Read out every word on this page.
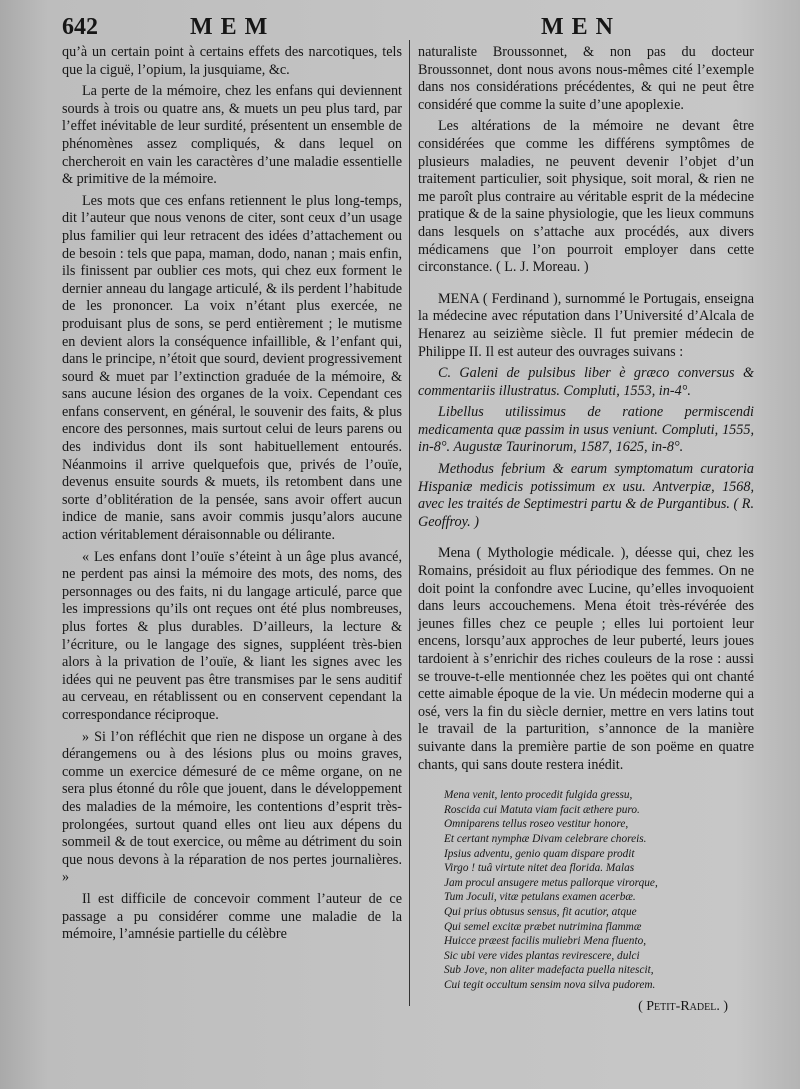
642	MEM	MEN

qu’à un certain point à certains effets des narcotiques, tels que la ciguë, l’opium, la jusquiame, &c.

La perte de la mémoire, chez les enfans qui deviennent sourds à trois ou quatre ans, & muets un peu plus tard, par l’effet inévitable de leur surdité, présentent un ensemble de phénomènes assez compliqués, & dans lequel on chercheroit en vain les caractères d’une maladie essentielle & primitive de la mémoire.

Les mots que ces enfans retiennent le plus long-temps, dit l’auteur que nous venons de citer, sont ceux d’un usage plus familier qui leur retracent des idées d’attachement ou de besoin : tels que papa, maman, dodo, nanan ; mais enfin, ils finissent par oublier ces mots, qui chez eux forment le dernier anneau du langage articulé, & ils perdent l’habitude de les prononcer. La voix n’étant plus exercée, ne produisant plus de sons, se perd entièrement ; le mutisme en devient alors la conséquence infaillible, & l’enfant qui, dans le principe, n’étoit que sourd, devient progressivement sourd & muet par l’extinction graduée de la mémoire, & sans aucune lésion des organes de la voix. Cependant ces enfans conservent, en général, le souvenir des faits, & plus encore des personnes, mais surtout celui de leurs parens ou des individus dont ils sont habituellement entourés. Néanmoins il arrive quelquefois que, privés de l’ouïe, devenus ensuite sourds & muets, ils retombent dans une sorte d’oblitération de la pensée, sans avoir offert aucun indice de manie, sans avoir commis jusqu’alors aucune action véritablement déraisonnable ou délirante.

« Les enfans dont l’ouïe s’éteint à un âge plus avancé, ne perdent pas ainsi la mémoire des mots, des noms, des personnages ou des faits, ni du langage articulé, parce que les impressions qu’ils ont reçues ont été plus nombreuses, plus fortes & plus durables. D’ailleurs, la lecture & l’écriture, ou le langage des signes, suppléent très-bien alors à la privation de l’ouïe, & liant les signes avec les idées qui ne peuvent pas être transmises par le sens auditif au cerveau, en rétablissent ou en conservent cependant la correspondance réciproque.

» Si l’on réfléchit que rien ne dispose un organe à des dérangemens ou à des lésions plus ou moins graves, comme un exercice démesuré de ce même organe, on ne sera plus étonné du rôle que jouent, dans le développement des maladies de la mémoire, les contentions d’esprit très-prolongées, surtout quand elles ont lieu aux dépens du sommeil & de tout exercice, ou même au détriment du soin que nous devons à la réparation de nos pertes journalières. »

Il est difficile de concevoir comment l’auteur de ce passage a pu considérer comme une maladie de la mémoire, l’amnésie partielle du célèbre

naturaliste Broussonnet, & non pas du docteur Broussonnet, dont nous avons nous-mêmes cité l’exemple dans nos considérations précédentes, & qui ne peut être considéré que comme la suite d’une apoplexie.

Les altérations de la mémoire ne devant être considérées que comme les différens symptômes de plusieurs maladies, ne peuvent devenir l’objet d’un traitement particulier, soit physique, soit moral, & rien ne me paroît plus contraire au véritable esprit de la médecine pratique & de la saine physiologie, que les lieux communs dans lesquels on s’attache aux procédés, aux divers médicamens que l’on pourroit employer dans cette circonstance. ( L. J. Moreau. )

MENA ( Ferdinand ), surnommé le Portugais, enseigna la médecine avec réputation dans l’Université d’Alcala de Henarez au seizième siècle. Il fut premier médecin de Philippe II. Il est auteur des ouvrages suivans :

C. Galeni de pulsibus liber è græco conversus & commentariis illustratus. Compluti, 1553, in-4°.

Libellus utilissimus de ratione permiscendi medicamenta quæ passim in usus veniunt. Compluti, 1555, in-8°. Augustæ Taurinorum, 1587, 1625, in-8°.

Methodus febrium & earum symptomatum curatoria Hispaniæ medicis potissimum ex usu. Antverpiæ, 1568, avec les traités de Septimestri partu & de Purgantibus. ( R. Geoffroy. )

Mena ( Mythologie médicale. ), déesse qui, chez les Romains, présidoit au flux périodique des femmes. On ne doit point la confondre avec Lucine, qu’elles invoquoient dans leurs accouchemens. Mena étoit très-révérée des jeunes filles chez ce peuple ; elles lui portoient leur encens, lorsqu’aux approches de leur puberté, leurs joues tardoient à s’enrichir des riches couleurs de la rose : aussi se trouve-t-elle mentionnée chez les poëtes qui ont chanté cette aimable époque de la vie. Un médecin moderne qui a osé, vers la fin du siècle dernier, mettre en vers latins tout le travail de la parturition, s’annonce de la manière suivante dans la première partie de son poëme en quatre chants, qui sans doute restera inédit.

Mena venit, lento procedit fulgida gressu,
Roscida cui Matuta viam facit æthere puro.
Omniparens tellus roseo vestitur honore,
Et certant nymphæ Divam celebrare choreis.
Ipsius adventu, genio quam dispare prodit
Virgo ! tuâ virtute nitet dea florida. Malas
Jam procul ansugere metus pallorque virorque,
Tum Joculi, vitæ petulans examen acerbæ.
Qui prius obtusus sensus, fit acutior, atque
Qui semel excitæ præbet nutrimina flammæ
Huicce præest facilis muliebri Mena fluento,
Sic ubi vere vides plantas revirescere, dulci
Sub Jove, non aliter madefacta puella nitescit,
Cui tegit occultum sensim nova silva pudorem.
( Petit-Radel. )
